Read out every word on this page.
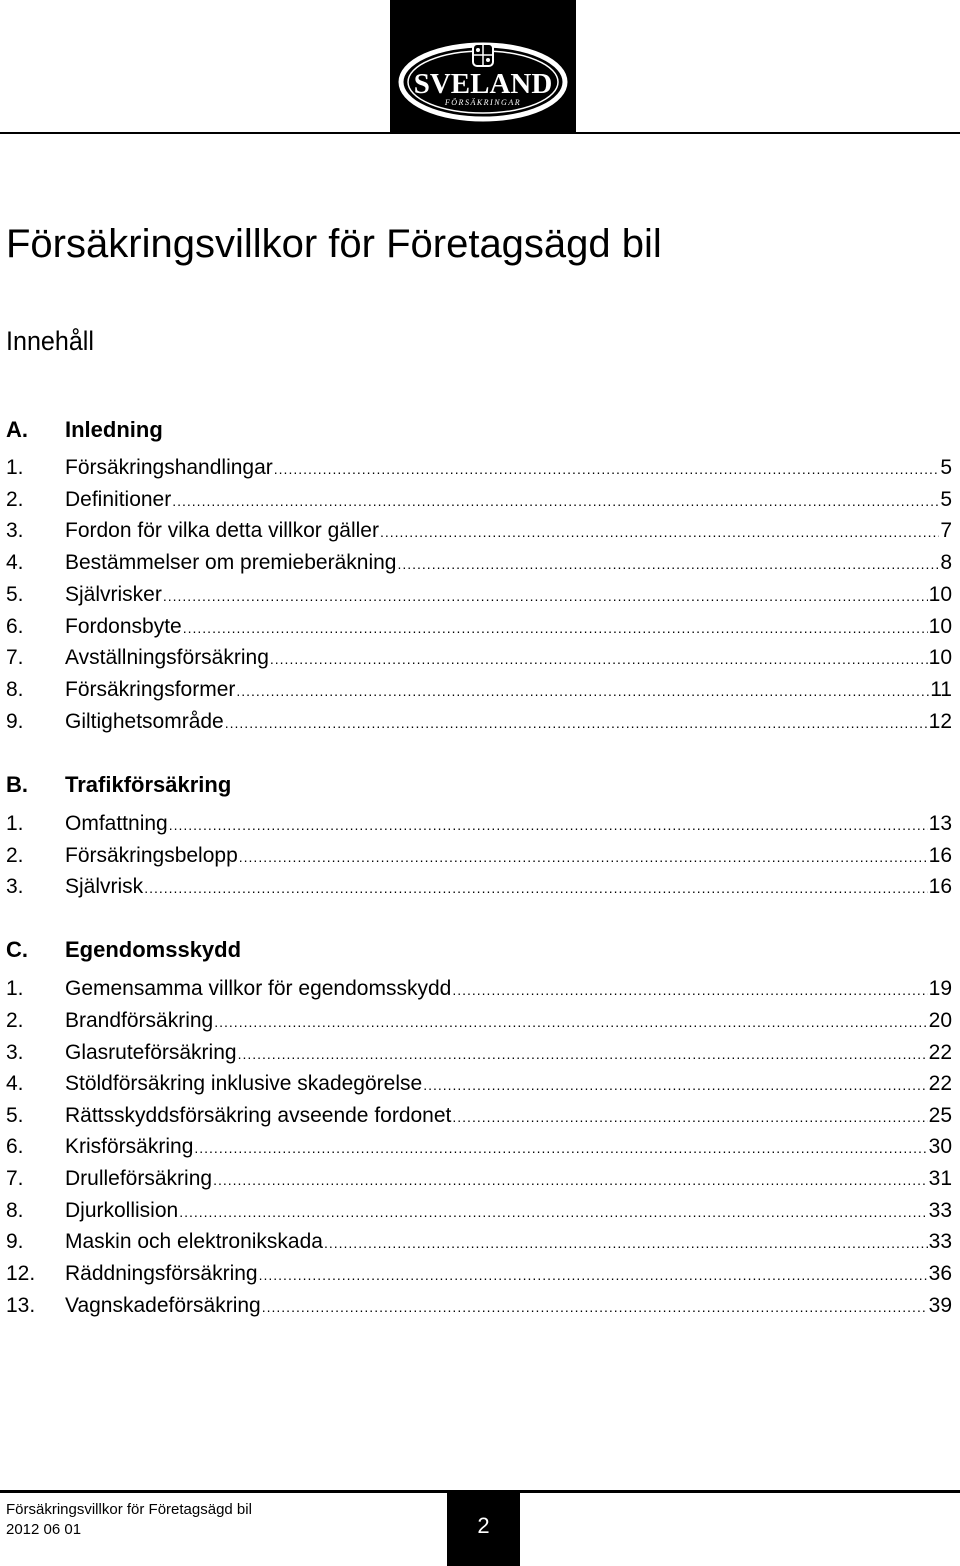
SVELAND
FÖRSÄKRINGAR
Försäkringsvillkor för Företagsägd bil
Innehåll
A. Inledning
1. Försäkringshandlingar .....	5
2. Definitioner .....	5
3. Fordon för vilka detta villkor gäller .....	7
4. Bestämmelser om premieberäkning .....	8
5. Självrisker .....	10
6. Fordonsbyte .....	10
7. Avställningsförsäkring .....	10
8. Försäkringsformer .....	11
9. Giltighetsområde .....	12
B. Trafikförsäkring
1. Omfattning .....	13
2. Försäkringsbelopp .....	16
3. Självrisk .....	16
C. Egendomsskydd
1. Gemensamma villkor för egendomsskydd .....	19
2. Brandförsäkring .....	20
3. Glasruteförsäkring .....	22
4. Stöldförsäkring inklusive skadegörelse .....	22
5. Rättsskyddsförsäkring avseende fordonet .....	25
6. Krisförsäkring .....	30
7. Drulleförsäkring .....	31
8. Djurkollision .....	33
9. Maskin och elektronikskada .....	33
12. Räddningsförsäkring .....	36
13. Vagnskadeförsäkring .....	39
Försäkringsvillkor för Företagsägd bil
2012 06 01	2
